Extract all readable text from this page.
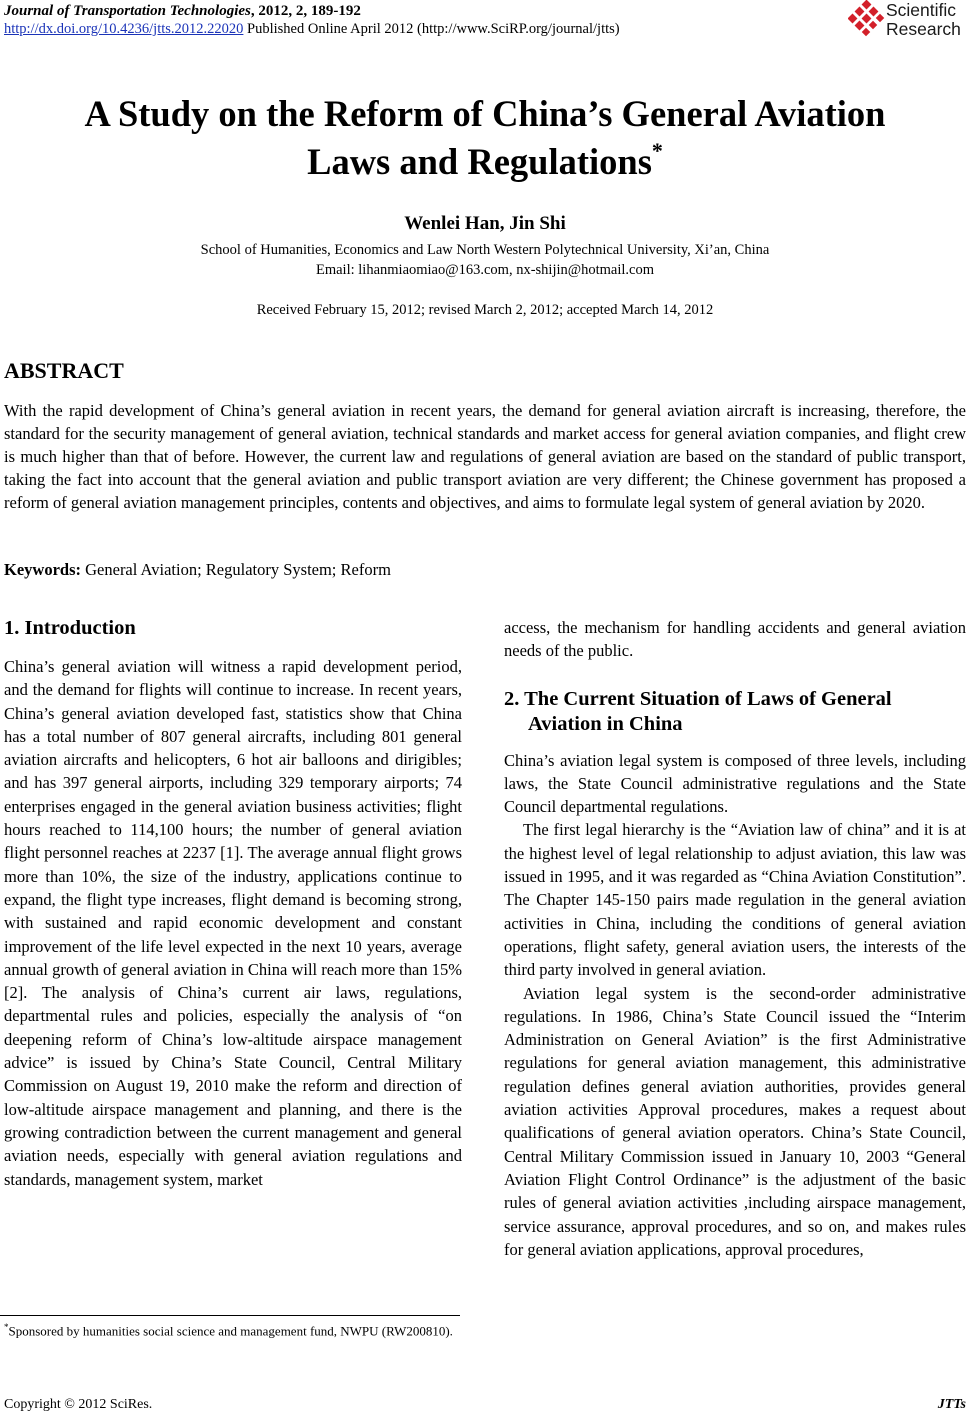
Journal of Transportation Technologies, 2012, 2, 189-192
http://dx.doi.org/10.4236/jtts.2012.22020 Published Online April 2012 (http://www.SciRP.org/journal/jtts)
Scientific
Research
A Study on the Reform of China’s General Aviation
Laws and Regulations*
Wenlei Han, Jin Shi
School of Humanities, Economics and Law North Western Polytechnical University, Xi’an, China
Email: lihanmiaomiao@163.com, nx-shijin@hotmail.com
Received February 15, 2012; revised March 2, 2012; accepted March 14, 2012
ABSTRACT
With the rapid development of China’s general aviation in recent years, the demand for general aviation aircraft is increasing, therefore, the standard for the security management of general aviation, technical standards and market access for general aviation companies, and flight crew is much higher than that of before. However, the current law and regulations of general aviation are based on the standard of public transport, taking the fact into account that the general aviation and public transport aviation are very different; the Chinese government has proposed a reform of general aviation management principles, contents and objectives, and aims to formulate legal system of general aviation by 2020.
Keywords: General Aviation; Regulatory System; Reform
1. Introduction

China’s general aviation will witness a rapid development period, and the demand for flights will continue to increase. In recent years, China’s general aviation developed fast, statistics show that China has a total number of 807 general aircrafts, including 801 general aviation aircrafts and helicopters, 6 hot air balloons and dirigibles; and has 397 general airports, including 329 temporary airports; 74 enterprises engaged in the general aviation business activities; flight hours reached to 114,100 hours; the number of general aviation flight personnel reaches at 2237 [1]. The average annual flight grows more than 10%, the size of the industry, applications continue to expand, the flight type increases, flight demand is becoming strong, with sustained and rapid economic development and constant improvement of the life level expected in the next 10 years, average annual growth of general aviation in China will reach more than 15% [2]. The analysis of China’s current air laws, regulations, departmental rules and policies, especially the analysis of “on deepening reform of China’s low-altitude airspace management advice” is issued by China’s State Council, Central Military Commission on August 19, 2010 make the reform and direction of low-altitude airspace management and planning, and there is the growing contradiction between the current management and general aviation needs, especially with general aviation regulations and standards, management system, market

access, the mechanism for handling accidents and general aviation needs of the public.

2. The Current Situation of Laws of General Aviation in China

China’s aviation legal system is composed of three levels, including laws, the State Council administrative regulations and the State Council departmental regulations.

The first legal hierarchy is the “Aviation law of china” and it is at the highest level of legal relationship to adjust aviation, this law was issued in 1995, and it was regarded as “China Aviation Constitution”. The Chapter 145-150 pairs made regulation in the general aviation activities in China, including the conditions of general aviation operations, flight safety, general aviation users, the interests of the third party involved in general aviation.

Aviation legal system is the second-order administrative regulations. In 1986, China’s State Council issued the “Interim Administration on General Aviation” is the first Administrative regulations for general aviation management, this administrative regulation defines general aviation authorities, provides general aviation activities Approval procedures, makes a request about qualifications of general aviation operators. China’s State Council, Central Military Commission issued in January 10, 2003 “General Aviation Flight Control Ordinance” is the adjustment of the basic rules of general aviation activities ,including airspace management, service assurance, approval procedures, and so on, and makes rules for general aviation applications, approval procedures,

*Sponsored by humanities social science and management fund, NWPU (RW200810).
Copyright © 2012 SciRes.	JTTs
